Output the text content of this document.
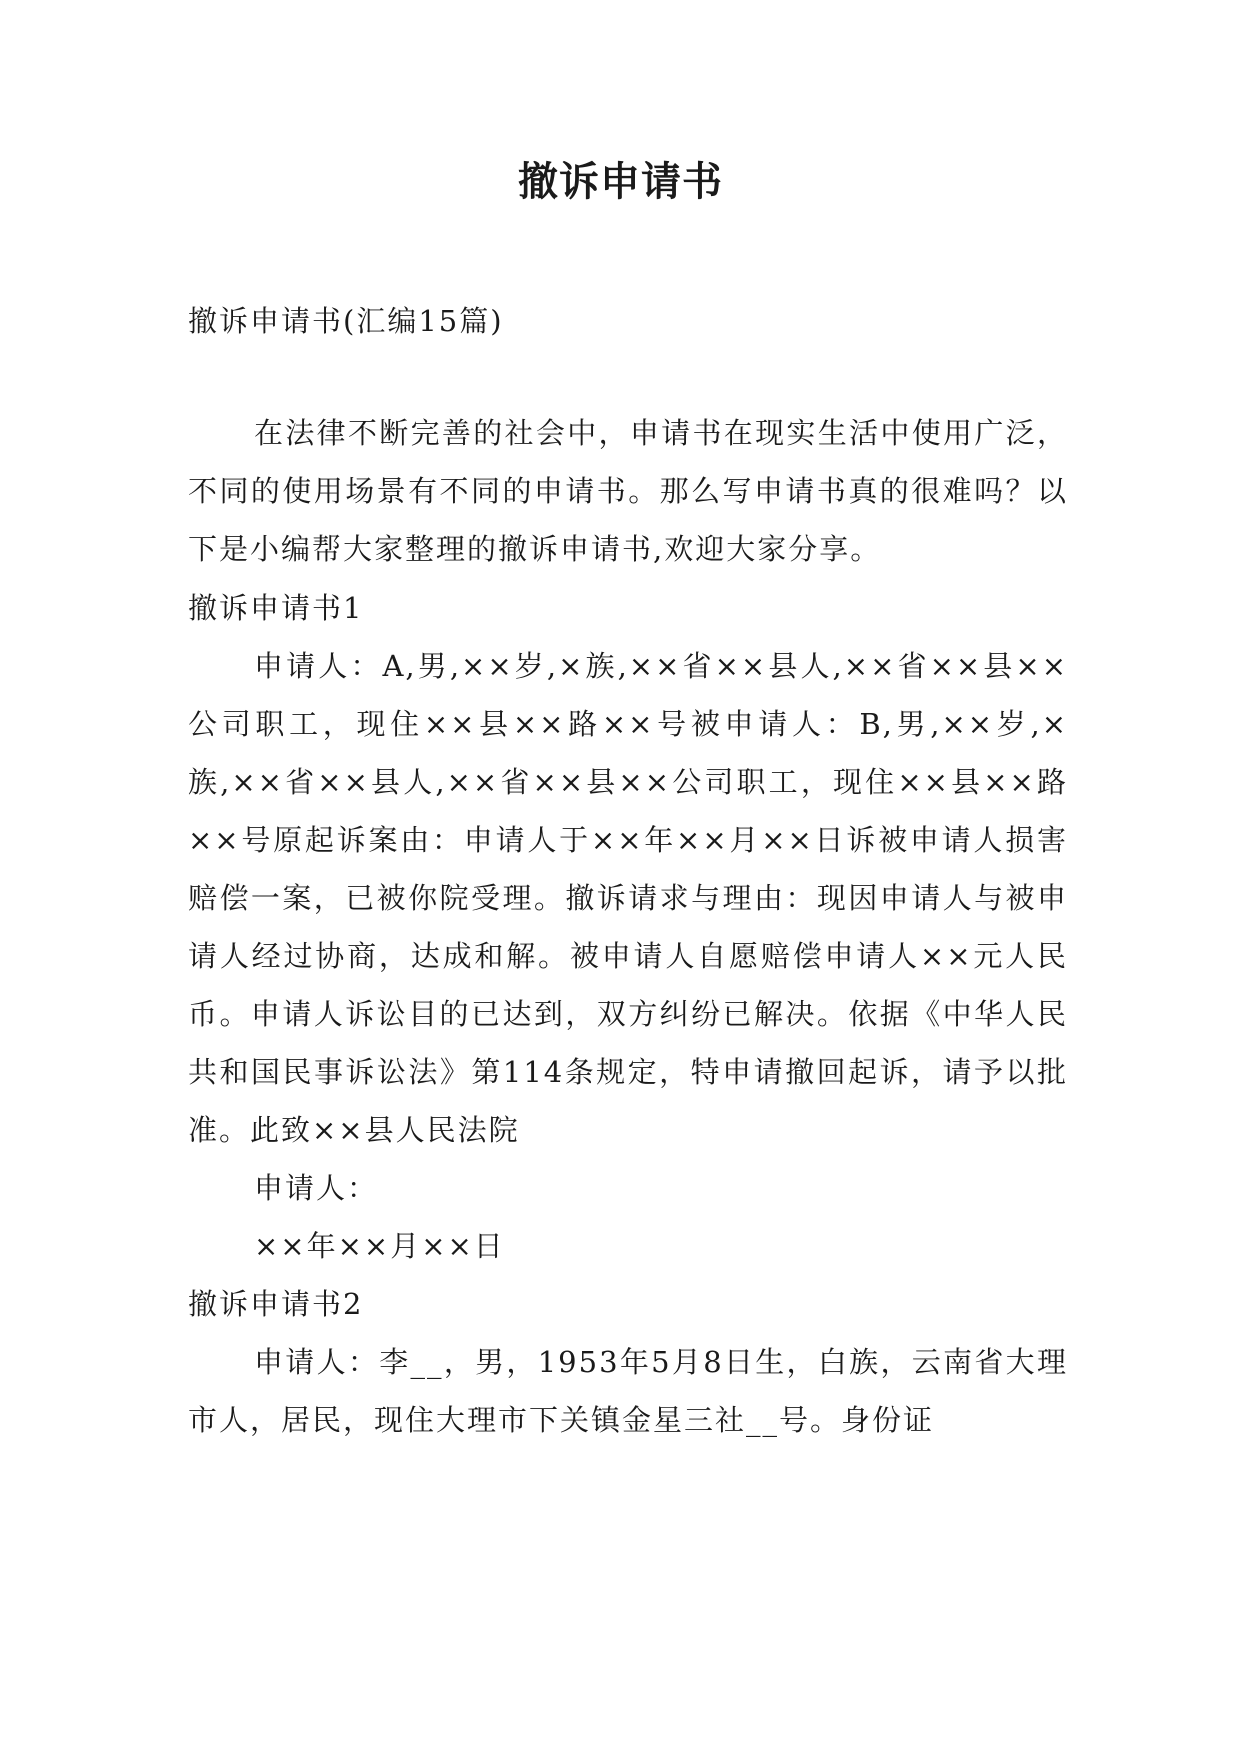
撤诉申请书

撤诉申请书(汇编15篇)

在法律不断完善的社会中，申请书在现实生活中使用广泛，不同的使用场景有不同的申请书。那么写申请书真的很难吗？以下是小编帮大家整理的撤诉申请书,欢迎大家分享。

撤诉申请书1

申请人：A,男,××岁,×族,××省××县人,××省××县××公司职工，现住××县××路××号被申请人：B,男,××岁,×族,××省××县人,××省××县××公司职工，现住××县××路××号原起诉案由：申请人于××年××月××日诉被申请人损害赔偿一案，已被你院受理。撤诉请求与理由：现因申请人与被申请人经过协商，达成和解。被申请人自愿赔偿申请人××元人民币。申请人诉讼目的已达到，双方纠纷已解决。依据《中华人民共和国民事诉讼法》第114条规定，特申请撤回起诉，请予以批准。此致××县人民法院

申请人：

××年××月××日

撤诉申请书2

申请人：李__，男，1953年5月8日生，白族，云南省大理市人，居民，现住大理市下关镇金星三社__号。身份证
